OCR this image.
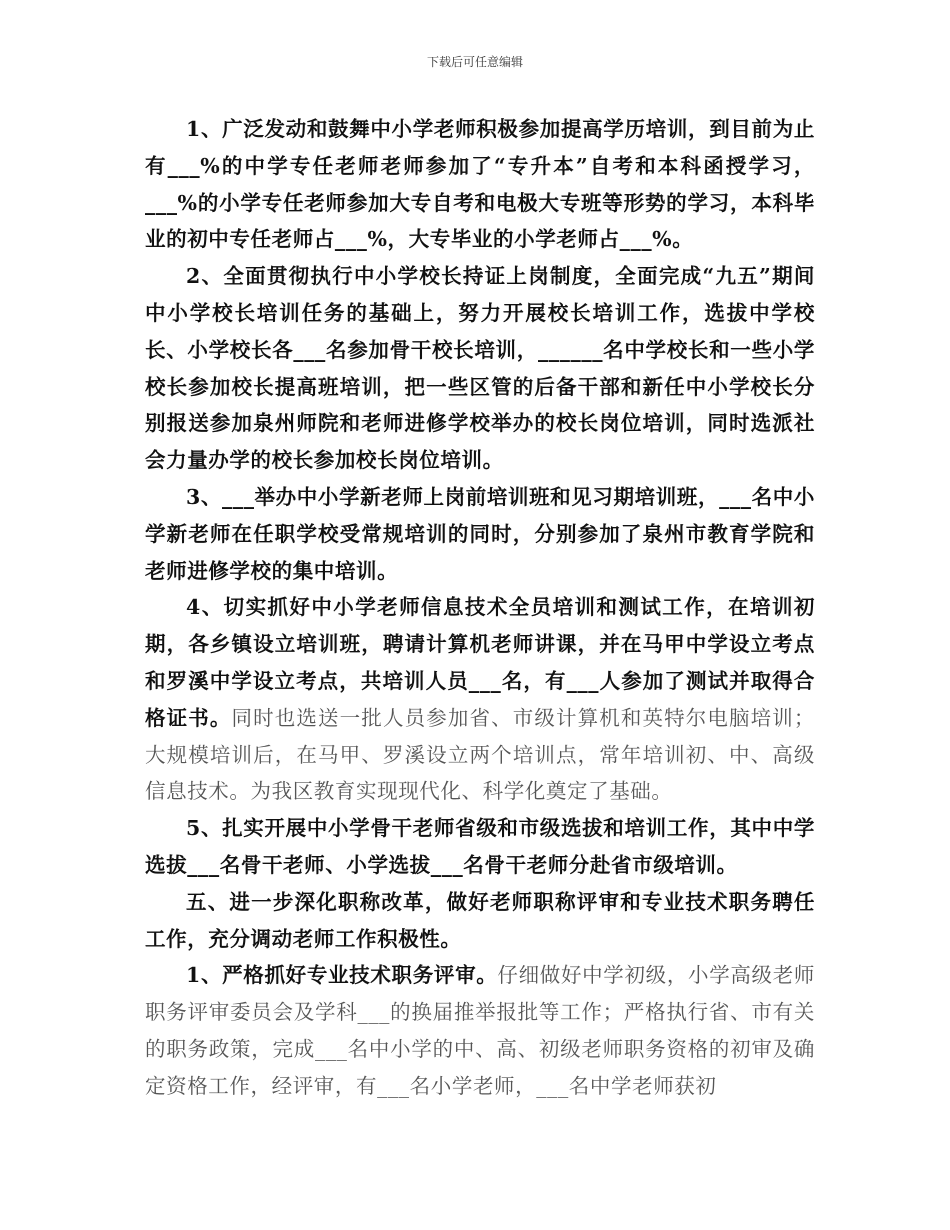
下载后可任意编辑

1、广泛发动和鼓舞中小学老师积极参加提高学历培训，到目前为止有___%的中学专任老师老师参加了“专升本”自考和本科函授学习，___%的小学专任老师参加大专自考和电极大专班等形势的学习，本科毕业的初中专任老师占___%，大专毕业的小学老师占___%。

2、全面贯彻执行中小学校长持证上岗制度，全面完成“九五”期间中小学校长培训任务的基础上，努力开展校长培训工作，选拔中学校长、小学校长各___名参加骨干校长培训，______名中学校长和一些小学校长参加校长提高班培训，把一些区管的后备干部和新任中小学校长分别报送参加泉州师院和老师进修学校举办的校长岗位培训，同时选派社会力量办学的校长参加校长岗位培训。

3、___举办中小学新老师上岗前培训班和见习期培训班，___名中小学新老师在任职学校受常规培训的同时，分别参加了泉州市教育学院和老师进修学校的集中培训。

4、切实抓好中小学老师信息技术全员培训和测试工作，在培训初期，各乡镇设立培训班，聘请计算机老师讲课，并在马甲中学设立考点和罗溪中学设立考点，共培训人员___名，有___人参加了测试并取得合格证书。同时也选送一批人员参加省、市级计算机和英特尔电脑培训；大规模培训后，在马甲、罗溪设立两个培训点，常年培训初、中、高级信息技术。为我区教育实现现代化、科学化奠定了基础。

5、扎实开展中小学骨干老师省级和市级选拔和培训工作，其中中学选拔___名骨干老师、小学选拔___名骨干老师分赴省市级培训。

五、进一步深化职称改革，做好老师职称评审和专业技术职务聘任工作，充分调动老师工作积极性。

1、严格抓好专业技术职务评审。仔细做好中学初级，小学高级老师职务评审委员会及学科___的换届推举报批等工作；严格执行省、市有关的职务政策，完成___名中小学的中、高、初级老师职务资格的初审及确定资格工作，经评审，有___名小学老师，___名中学老师获初
